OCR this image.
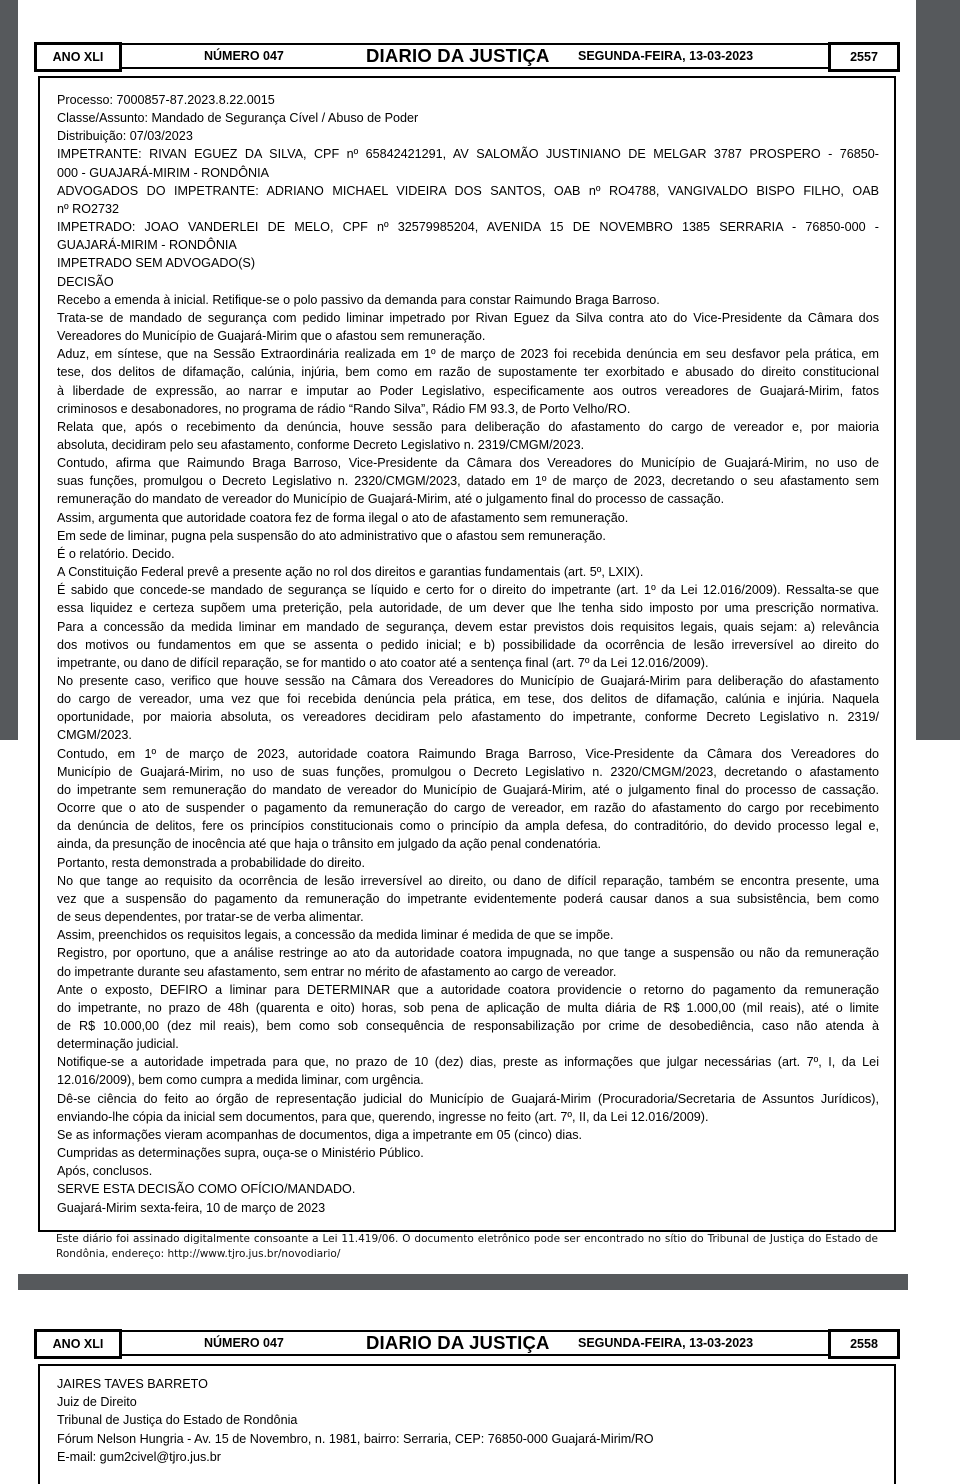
ANO XLI	NÚMERO 047	DIARIO DA JUSTIÇA SEGUNDA-FEIRA, 13-03-2023	2557
Processo: 7000857-87.2023.8.22.0015
Classe/Assunto: Mandado de Segurança Cível / Abuso de Poder
Distribuição: 07/03/2023
IMPETRANTE: RIVAN EGUEZ DA SILVA, CPF nº 65842421291, AV SALOMÃO JUSTINIANO DE MELGAR 3787 PROSPERO - 76850-
000 - GUAJARÁ-MIRIM - RONDÔNIA
ADVOGADOS DO IMPETRANTE: ADRIANO MICHAEL VIDEIRA DOS SANTOS, OAB nº RO4788, VANGIVALDO BISPO FILHO, OAB
nº RO2732
IMPETRADO: JOAO VANDERLEI DE MELO, CPF nº 32579985204, AVENIDA 15 DE NOVEMBRO 1385 SERRARIA - 76850-000 -
GUAJARÁ-MIRIM - RONDÔNIA
IMPETRADO SEM ADVOGADO(S)
DECISÃO
Recebo a emenda à inicial. Retifique-se o polo passivo da demanda para constar Raimundo Braga Barroso.
Trata-se de mandado de segurança com pedido liminar impetrado por Rivan Eguez da Silva contra ato do Vice-Presidente da Câmara dos
Vereadores do Município de Guajará-Mirim que o afastou sem remuneração.
Aduz, em síntese, que na Sessão Extraordinária realizada em 1º de março de 2023 foi recebida denúncia em seu desfavor pela prática, em
tese, dos delitos de difamação, calúnia, injúria, bem como em razão de supostamente ter exorbitado e abusado do direito constitucional
à liberdade de expressão, ao narrar e imputar ao Poder Legislativo, especificamente aos outros vereadores de Guajará-Mirim, fatos
criminosos e desabonadores, no programa de rádio “Rando Silva”, Rádio FM 93.3, de Porto Velho/RO.
Relata que, após o recebimento da denúncia, houve sessão para deliberação do afastamento do cargo de vereador e, por maioria
absoluta, decidiram pelo seu afastamento, conforme Decreto Legislativo n. 2319/CMGM/2023.
Contudo, afirma que Raimundo Braga Barroso, Vice-Presidente da Câmara dos Vereadores do Município de Guajará-Mirim, no uso de
suas funções, promulgou o Decreto Legislativo n. 2320/CMGM/2023, datado em 1º de março de 2023, decretando o seu afastamento sem
remuneração do mandato de vereador do Município de Guajará-Mirim, até o julgamento final do processo de cassação.
Assim, argumenta que autoridade coatora fez de forma ilegal o ato de afastamento sem remuneração.
Em sede de liminar, pugna pela suspensão do ato administrativo que o afastou sem remuneração.
É o relatório. Decido.
A Constituição Federal prevê a presente ação no rol dos direitos e garantias fundamentais (art. 5º, LXIX).
É sabido que concede-se mandado de segurança se líquido e certo for o direito do impetrante (art. 1º da Lei 12.016/2009). Ressalta-se que
essa liquidez e certeza supõem uma preterição, pela autoridade, de um dever que lhe tenha sido imposto por uma prescrição normativa.
Para a concessão da medida liminar em mandado de segurança, devem estar previstos dois requisitos legais, quais sejam: a) relevância
dos motivos ou fundamentos em que se assenta o pedido inicial; e b) possibilidade da ocorrência de lesão irreversível ao direito do
impetrante, ou dano de difícil reparação, se for mantido o ato coator até a sentença final (art. 7º da Lei 12.016/2009).
No presente caso, verifico que houve sessão na Câmara dos Vereadores do Município de Guajará-Mirim para deliberação do afastamento
do cargo de vereador, uma vez que foi recebida denúncia pela prática, em tese, dos delitos de difamação, calúnia e injúria. Naquela
oportunidade, por maioria absoluta, os vereadores decidiram pelo afastamento do impetrante, conforme Decreto Legislativo n. 2319/
CMGM/2023.
Contudo, em 1º de março de 2023, autoridade coatora Raimundo Braga Barroso, Vice-Presidente da Câmara dos Vereadores do
Município de Guajará-Mirim, no uso de suas funções, promulgou o Decreto Legislativo n. 2320/CMGM/2023, decretando o afastamento
do impetrante sem remuneração do mandato de vereador do Município de Guajará-Mirim, até o julgamento final do processo de cassação.
Ocorre que o ato de suspender o pagamento da remuneração do cargo de vereador, em razão do afastamento do cargo por recebimento
da denúncia de delitos, fere os princípios constitucionais como o princípio da ampla defesa, do contraditório, do devido processo legal e,
ainda, da presunção de inocência até que haja o trânsito em julgado da ação penal condenatória.
Portanto, resta demonstrada a probabilidade do direito.
No que tange ao requisito da ocorrência de lesão irreversível ao direito, ou dano de difícil reparação, também se encontra presente, uma
vez que a suspensão do pagamento da remuneração do impetrante evidentemente poderá causar danos a sua subsistência, bem como
de seus dependentes, por tratar-se de verba alimentar.
Assim, preenchidos os requisitos legais, a concessão da medida liminar é medida de que se impõe.
Registro, por oportuno, que a análise restringe ao ato da autoridade coatora impugnada, no que tange a suspensão ou não da remuneração
do impetrante durante seu afastamento, sem entrar no mérito de afastamento ao cargo de vereador.
Ante o exposto, DEFIRO a liminar para DETERMINAR que a autoridade coatora providencie o retorno do pagamento da remuneração
do impetrante, no prazo de 48h (quarenta e oito) horas, sob pena de aplicação de multa diária de R$ 1.000,00 (mil reais), até o limite
de R$ 10.000,00 (dez mil reais), bem como sob consequência de responsabilização por crime de desobediência, caso não atenda à
determinação judicial.
Notifique-se a autoridade impetrada para que, no prazo de 10 (dez) dias, preste as informações que julgar necessárias (art. 7º, I, da Lei
12.016/2009), bem como cumpra a medida liminar, com urgência.
Dê-se ciência do feito ao órgão de representação judicial do Município de Guajará-Mirim (Procuradoria/Secretaria de Assuntos Jurídicos),
enviando-lhe cópia da inicial sem documentos, para que, querendo, ingresse no feito (art. 7º, II, da Lei 12.016/2009).
Se as informações vieram acompanhas de documentos, diga a impetrante em 05 (cinco) dias.
Cumpridas as determinações supra, ouça-se o Ministério Público.
Após, conclusos.
SERVE ESTA DECISÃO COMO OFÍCIO/MANDADO.
Guajará-Mirim sexta-feira, 10 de março de 2023
Este diário foi assinado digitalmente consoante a Lei 11.419/06. O documento eletrônico pode ser encontrado no sítio do Tribunal de Justiça do Estado de Rondônia, endereço: http://www.tjro.jus.br/novodiario/
ANO XLI	NÚMERO 047	DIARIO DA JUSTIÇA SEGUNDA-FEIRA, 13-03-2023	2558
JAIRES TAVES BARRETO
Juiz de Direito
Tribunal de Justiça do Estado de Rondônia
Fórum Nelson Hungria - Av. 15 de Novembro, n. 1981, bairro: Serraria, CEP: 76850-000 Guajará-Mirim/RO
E-mail: gum2civel@tjro.jus.br
